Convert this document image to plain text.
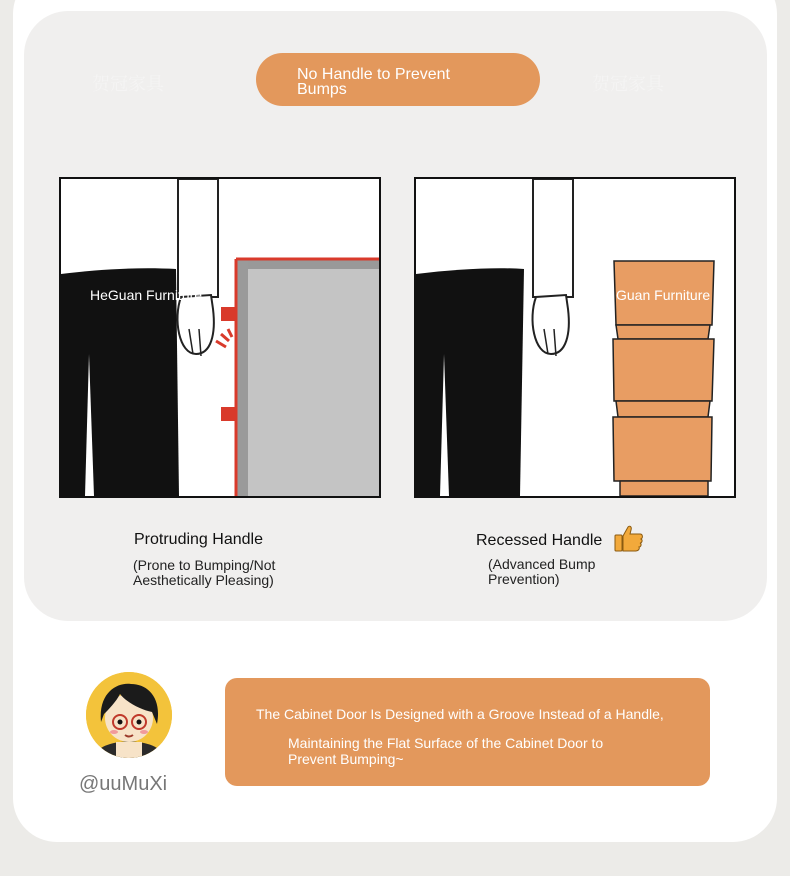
贺冠家具	贺冠家具
No Handle to Prevent Bumps
HeGuan Furniture	Guan Furniture
Protruding Handle
(Prone to Bumping/Not Aesthetically Pleasing)
Recessed Handle
(Advanced Bump Prevention)
@uuMuXi
The Cabinet Door Is Designed with a Groove Instead of a Handle,
Maintaining the Flat Surface of the Cabinet Door to Prevent Bumping~
